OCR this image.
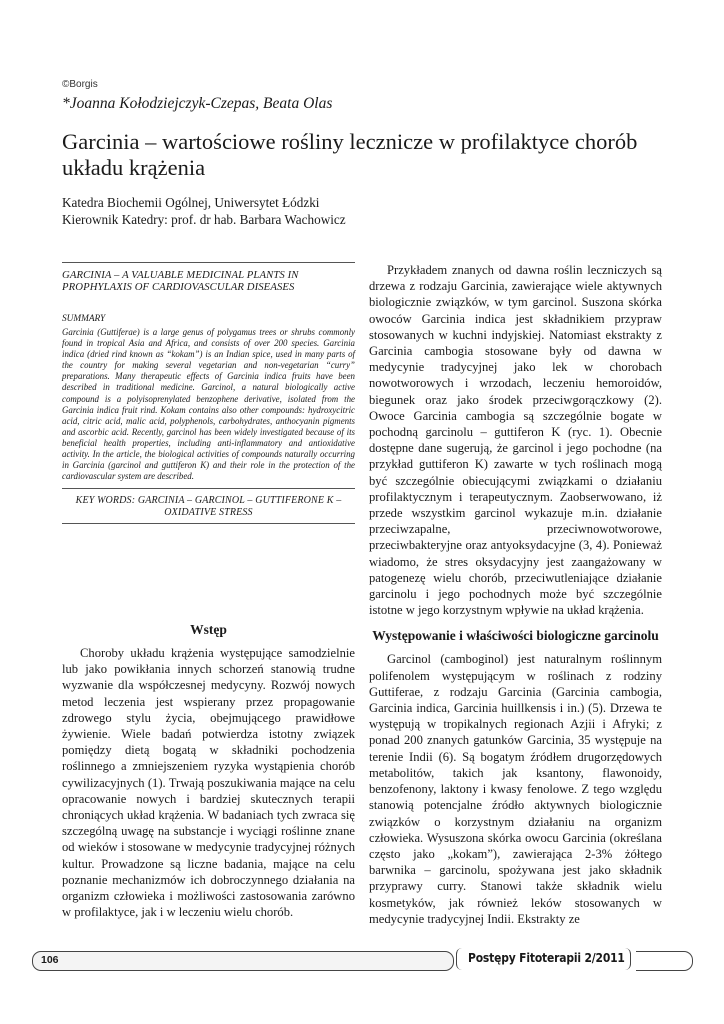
©Borgis
*Joanna Kołodziejczyk-Czepas, Beata Olas
Garcinia – wartościowe rośliny lecznicze w profilaktyce chorób układu krążenia
Katedra Biochemii Ogólnej, Uniwersytet Łódzki
Kierownik Katedry: prof. dr hab. Barbara Wachowicz
GARCINIA – A VALUABLE MEDICINAL PLANTS IN PROPHYLAXIS OF CARDIOVASCULAR DISEASES
SUMMARY
Garcinia (Guttiferae) is a large genus of polygamus trees or shrubs commonly found in tropical Asia and Africa, and consists of over 200 species. Garcinia indica (dried rind known as “kokam”) is an Indian spice, used in many parts of the country for making several vegetarian and non-vegetarian “curry” preparations. Many therapeutic effects of Garcinia indica fruits have been described in traditional medicine. Garcinol, a natural biologically active compound is a polyisoprenylated benzophene derivative, isolated from the Garcinia indica fruit rind. Kokam contains also other compounds: hydroxycitric acid, citric acid, malic acid, polyphenols, carbohydrates, anthocyanin pigments and ascorbic acid. Recently, garcinol has been widely investigated because of its beneficial health properties, including anti-inflammatory and antioxidative activity. In the article, the biological activities of compounds naturally occurring in Garcinia (garcinol and guttiferon K) and their role in the protection of the cardiovascular system are described.
KEY WORDS: GARCINIA – GARCINOL – GUTTIFERONE K – OXIDATIVE STRESS
Wstęp

Choroby układu krążenia występujące samodzielnie lub jako powikłania innych schorzeń stanowią trudne wyzwanie dla współczesnej medycyny. Rozwój nowych metod leczenia jest wspierany przez propagowanie zdrowego stylu życia, obejmującego prawidłowe żywienie. Wiele badań potwierdza istotny związek pomiędzy dietą bogatą w składniki pochodzenia roślinnego a zmniejszeniem ryzyka wystąpienia chorób cywilizacyjnych (1). Trwają poszukiwania mające na celu opracowanie nowych i bardziej skutecznych terapii chroniących układ krążenia. W badaniach tych zwraca się szczególną uwagę na substancje i wyciągi roślinne znane od wieków i stosowane w medycynie tradycyjnej różnych kultur. Prowadzone są liczne badania, mające na celu poznanie mechanizmów ich dobroczynnego działania na organizm człowieka i możliwości zastosowania zarówno w profilaktyce, jak i w leczeniu wielu chorób.

Przykładem znanych od dawna roślin leczniczych są drzewa z rodzaju Garcinia, zawierające wiele aktywnych biologicznie związków, w tym garcinol. Suszona skórka owoców Garcinia indica jest składnikiem przypraw stosowanych w kuchni indyjskiej. Natomiast ekstrakty z Garcinia cambogia stosowane były od dawna w medycynie tradycyjnej jako lek w chorobach nowotworowych i wrzodach, leczeniu hemoroidów, biegunek oraz jako środek przeciwgorączkowy (2). Owoce Garcinia cambogia są szczególnie bogate w pochodną garcinolu – guttiferon K (ryc. 1). Obecnie dostępne dane sugerują, że garcinol i jego pochodne (na przykład guttiferon K) zawarte w tych roślinach mogą być szczególnie obiecującymi związkami o działaniu profilaktycznym i terapeutycznym. Zaobserwowano, iż przede wszystkim garcinol wykazuje m.in. działanie przeciwzapalne, przeciwnowotworowe, przeciwbakteryjne oraz antyoksydacyjne (3, 4). Ponieważ wiadomo, że stres oksydacyjny jest zaangażowany w patogenezę wielu chorób, przeciwutleniające działanie garcinolu i jego pochodnych może być szczególnie istotne w jego korzystnym wpływie na układ krążenia.

Występowanie i właściwości biologiczne garcinolu

Garcinol (camboginol) jest naturalnym roślinnym polifenolem występującym w roślinach z rodziny Guttiferae, z rodzaju Garcinia (Garcinia cambogia, Garcinia indica, Garcinia huillkensis i in.) (5). Drzewa te występują w tropikalnych regionach Azjii i Afryki; z ponad 200 znanych gatunków Garcinia, 35 występuje na terenie Indii (6). Są bogatym źródłem drugorzędowych metabolitów, takich jak ksantony, flawonoidy, benzofenony, laktony i kwasy fenolowe. Z tego względu stanowią potencjalne źródło aktywnych biologicznie związków o korzystnym działaniu na organizm człowieka. Wysuszona skórka owocu Garcinia (określana często jako „kokam”), zawierająca 2-3% żółtego barwnika – garcinolu, spożywana jest jako składnik przyprawy curry. Stanowi także składnik wielu kosmetyków, jak również leków stosowanych w medycynie tradycyjnej Indii. Ekstrakty ze

106	Postępy Fitoterapii 2/2011
